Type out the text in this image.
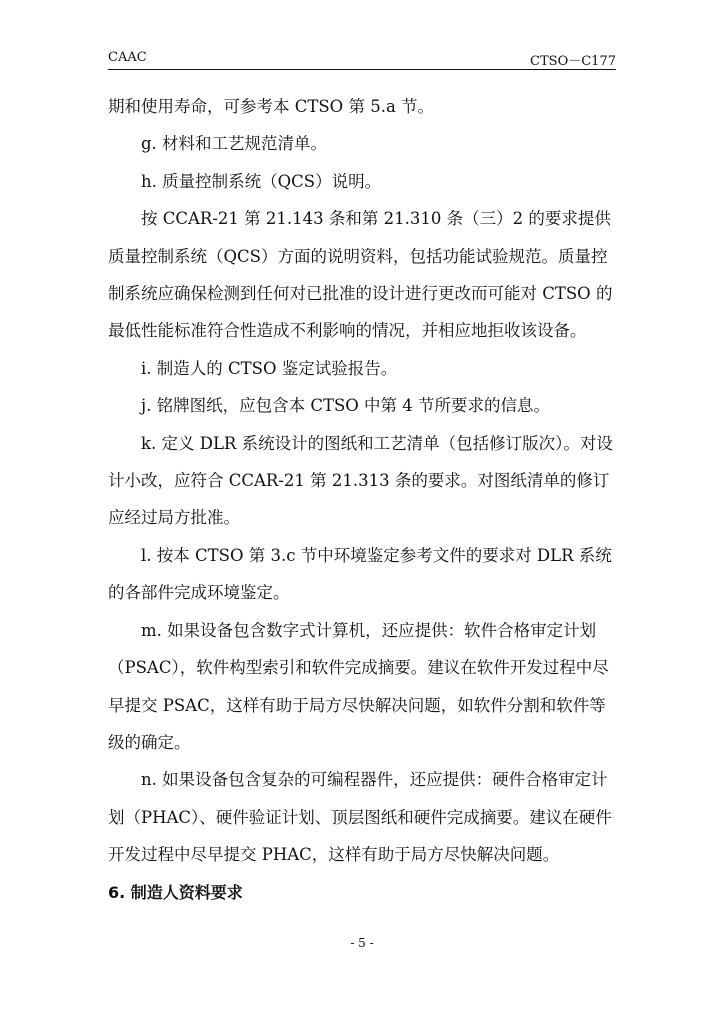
CAAC	CTSO－C177

期和使用寿命，可参考本 CTSO 第 5.a 节。

g. 材料和工艺规范清单。

h. 质量控制系统（QCS）说明。

按 CCAR-21 第 21.143 条和第 21.310 条（三）2 的要求提供质量控制系统（QCS）方面的说明资料，包括功能试验规范。质量控制系统应确保检测到任何对已批准的设计进行更改而可能对 CTSO 的最低性能标准符合性造成不利影响的情况，并相应地拒收该设备。

i. 制造人的 CTSO 鉴定试验报告。

j. 铭牌图纸，应包含本 CTSO 中第 4 节所要求的信息。

k. 定义 DLR 系统设计的图纸和工艺清单（包括修订版次）。对设计小改，应符合 CCAR-21 第 21.313 条的要求。对图纸清单的修订应经过局方批准。

l. 按本 CTSO 第 3.c 节中环境鉴定参考文件的要求对 DLR 系统的各部件完成环境鉴定。

m. 如果设备包含数字式计算机，还应提供：软件合格审定计划（PSAC），软件构型索引和软件完成摘要。建议在软件开发过程中尽早提交 PSAC，这样有助于局方尽快解决问题，如软件分割和软件等级的确定。

n. 如果设备包含复杂的可编程器件，还应提供：硬件合格审定计划（PHAC）、硬件验证计划、顶层图纸和硬件完成摘要。建议在硬件开发过程中尽早提交 PHAC，这样有助于局方尽快解决问题。

6. 制造人资料要求

- 5 -
